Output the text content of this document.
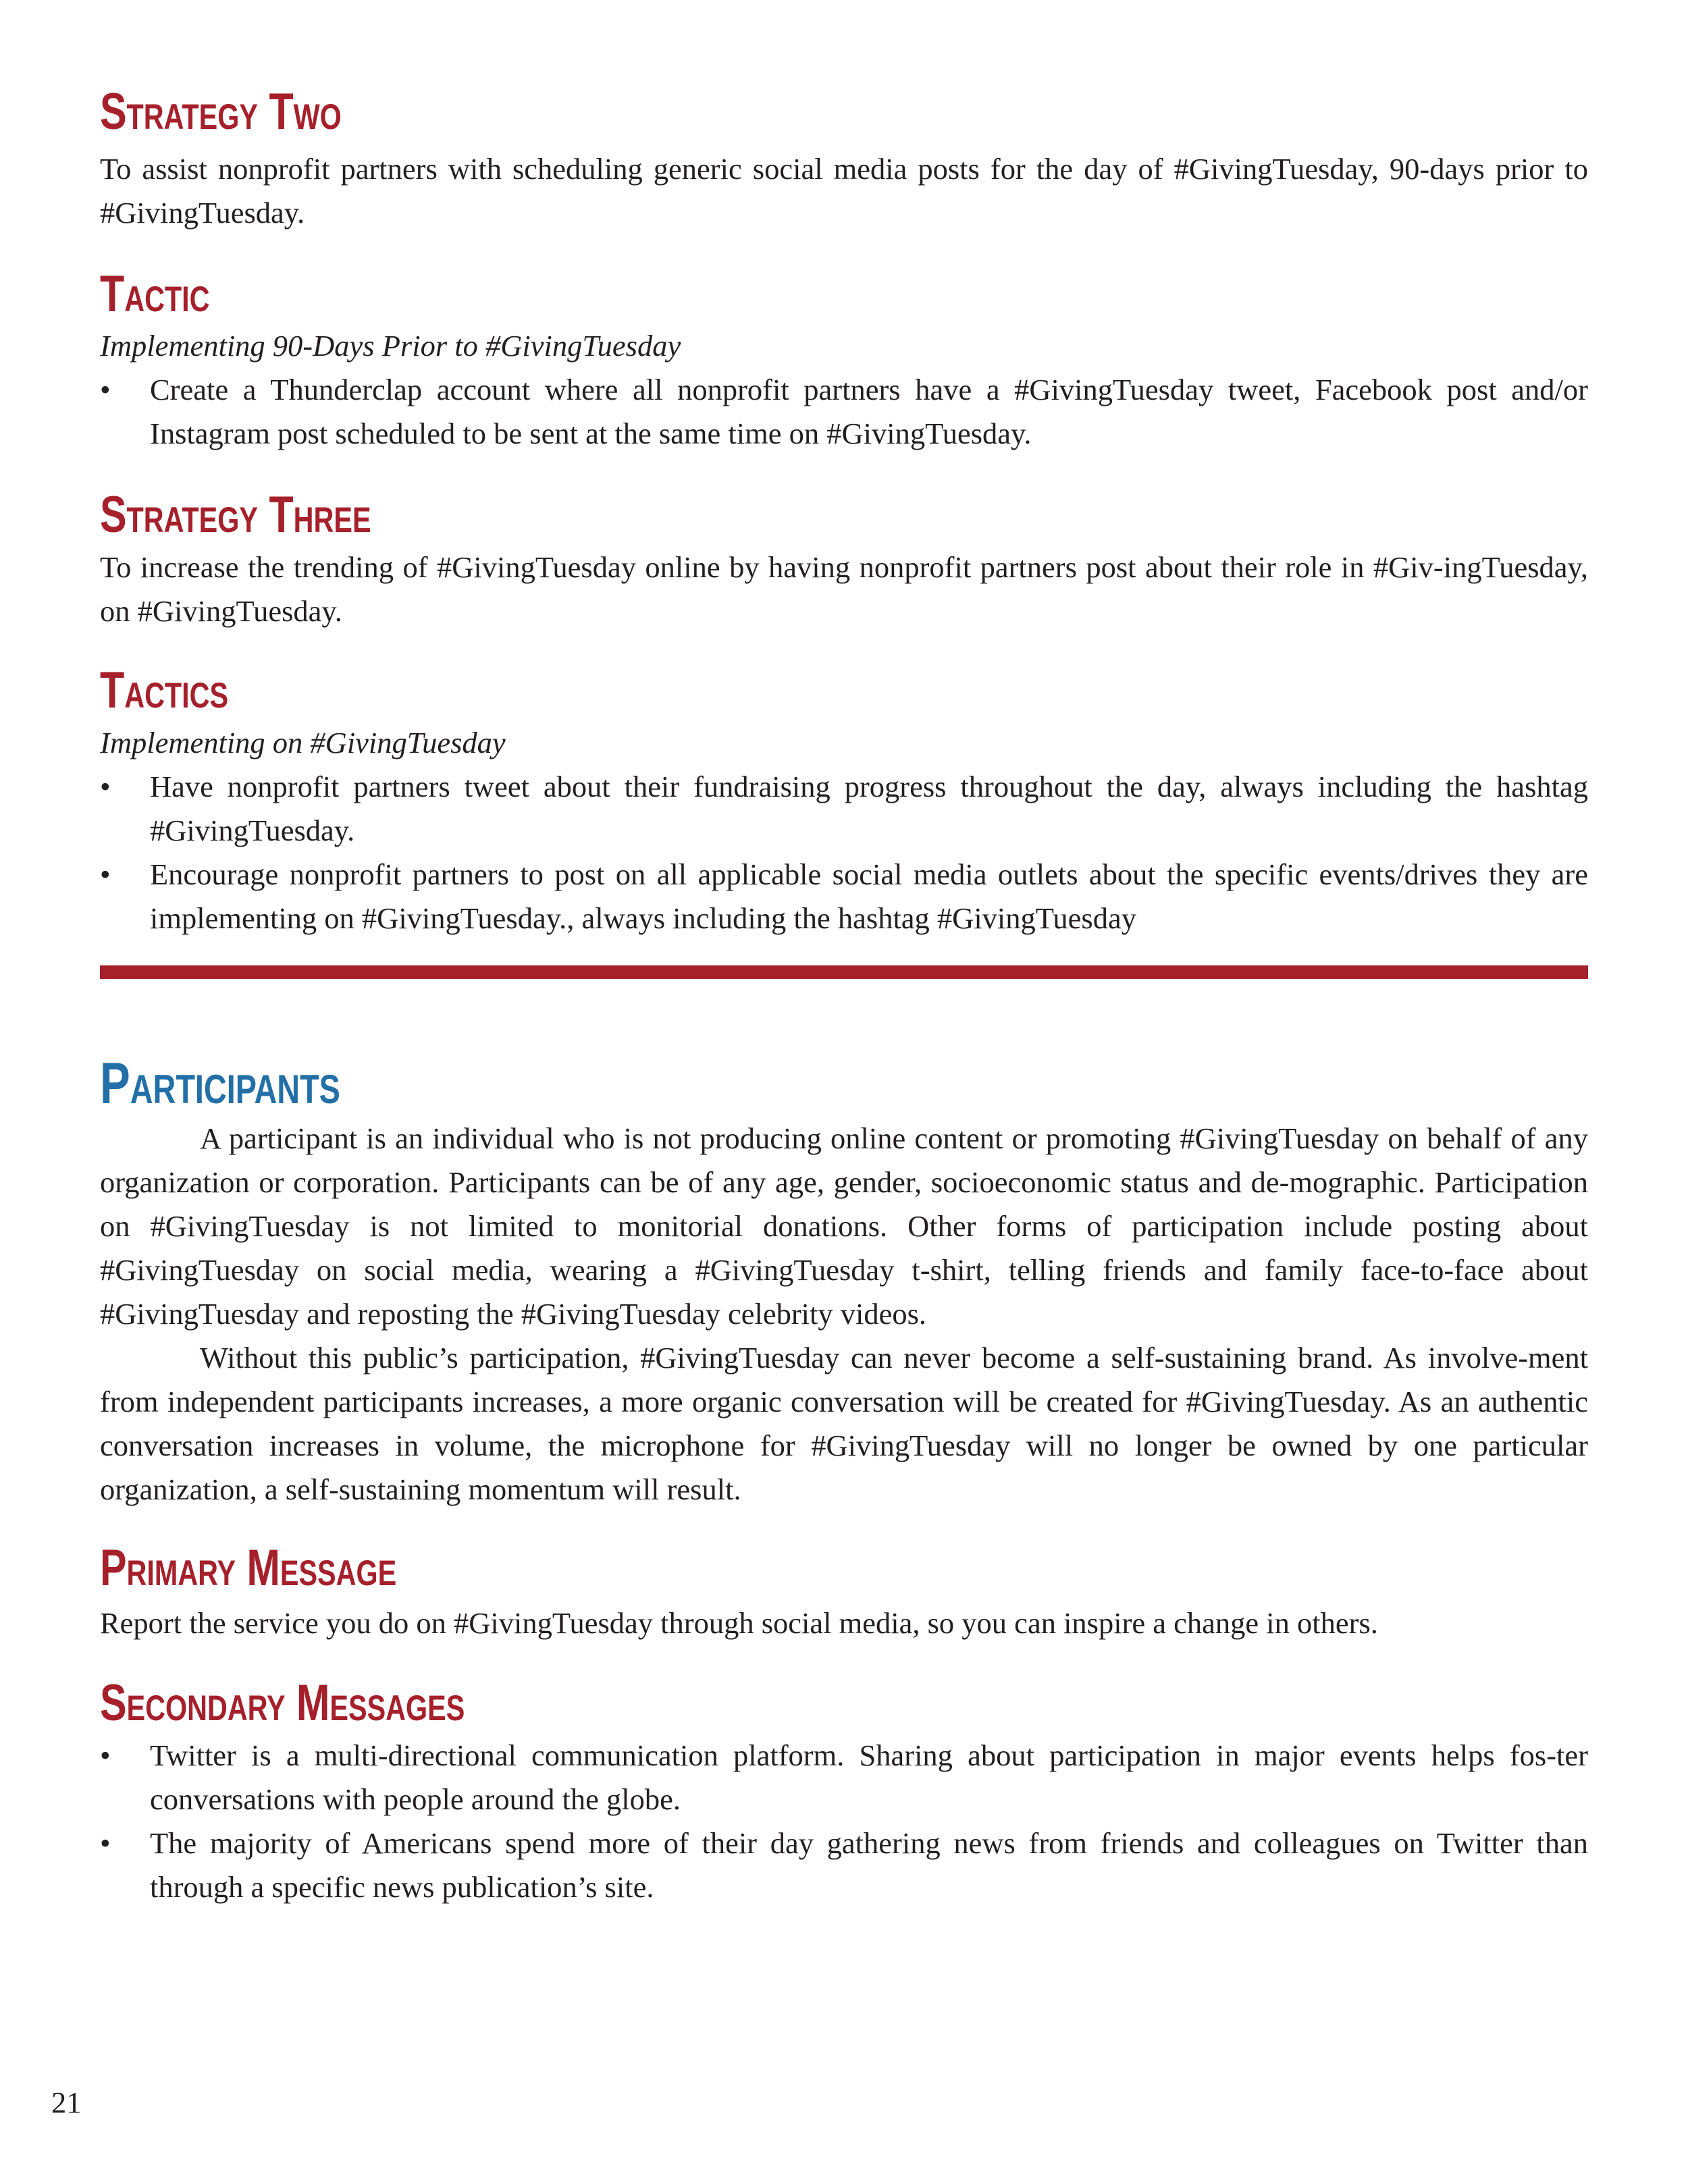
Strategy Two

To assist nonprofit partners with scheduling generic social media posts for the day of #GivingTuesday, 90-days prior to #GivingTuesday.

Tactic

Implementing 90-Days Prior to #GivingTuesday

• Create a Thunderclap account where all nonprofit partners have a #GivingTuesday tweet, Facebook post and/or Instagram post scheduled to be sent at the same time on #GivingTuesday.
Strategy Three

To increase the trending of #GivingTuesday online by having nonprofit partners post about their role in #Giv-ingTuesday, on #GivingTuesday.

Tactics

Implementing on #GivingTuesday

• Have nonprofit partners tweet about their fundraising progress throughout the day, always including the hashtag #GivingTuesday.
• Encourage nonprofit partners to post on all applicable social media outlets about the specific events/drives they are implementing on #GivingTuesday., always including the hashtag #GivingTuesday
Participants

A participant is an individual who is not producing online content or promoting #GivingTuesday on behalf of any organization or corporation. Participants can be of any age, gender, socioeconomic status and de-mographic. Participation on #GivingTuesday is not limited to monitorial donations. Other forms of participation include posting about #GivingTuesday on social media, wearing a #GivingTuesday t-shirt, telling friends and family face-to-face about #GivingTuesday and reposting the #GivingTuesday celebrity videos.

Without this public’s participation, #GivingTuesday can never become a self-sustaining brand. As involve-ment from independent participants increases, a more organic conversation will be created for #GivingTuesday. As an authentic conversation increases in volume, the microphone for #GivingTuesday will no longer be owned by one particular organization, a self-sustaining momentum will result.

Primary Message

Report the service you do on #GivingTuesday through social media, so you can inspire a change in others.

Secondary Messages
• Twitter is a multi-directional communication platform. Sharing about participation in major events helps fos-ter conversations with people around the globe.
• The majority of Americans spend more of their day gathering news from friends and colleagues on Twitter than through a specific news publication’s site.
21
